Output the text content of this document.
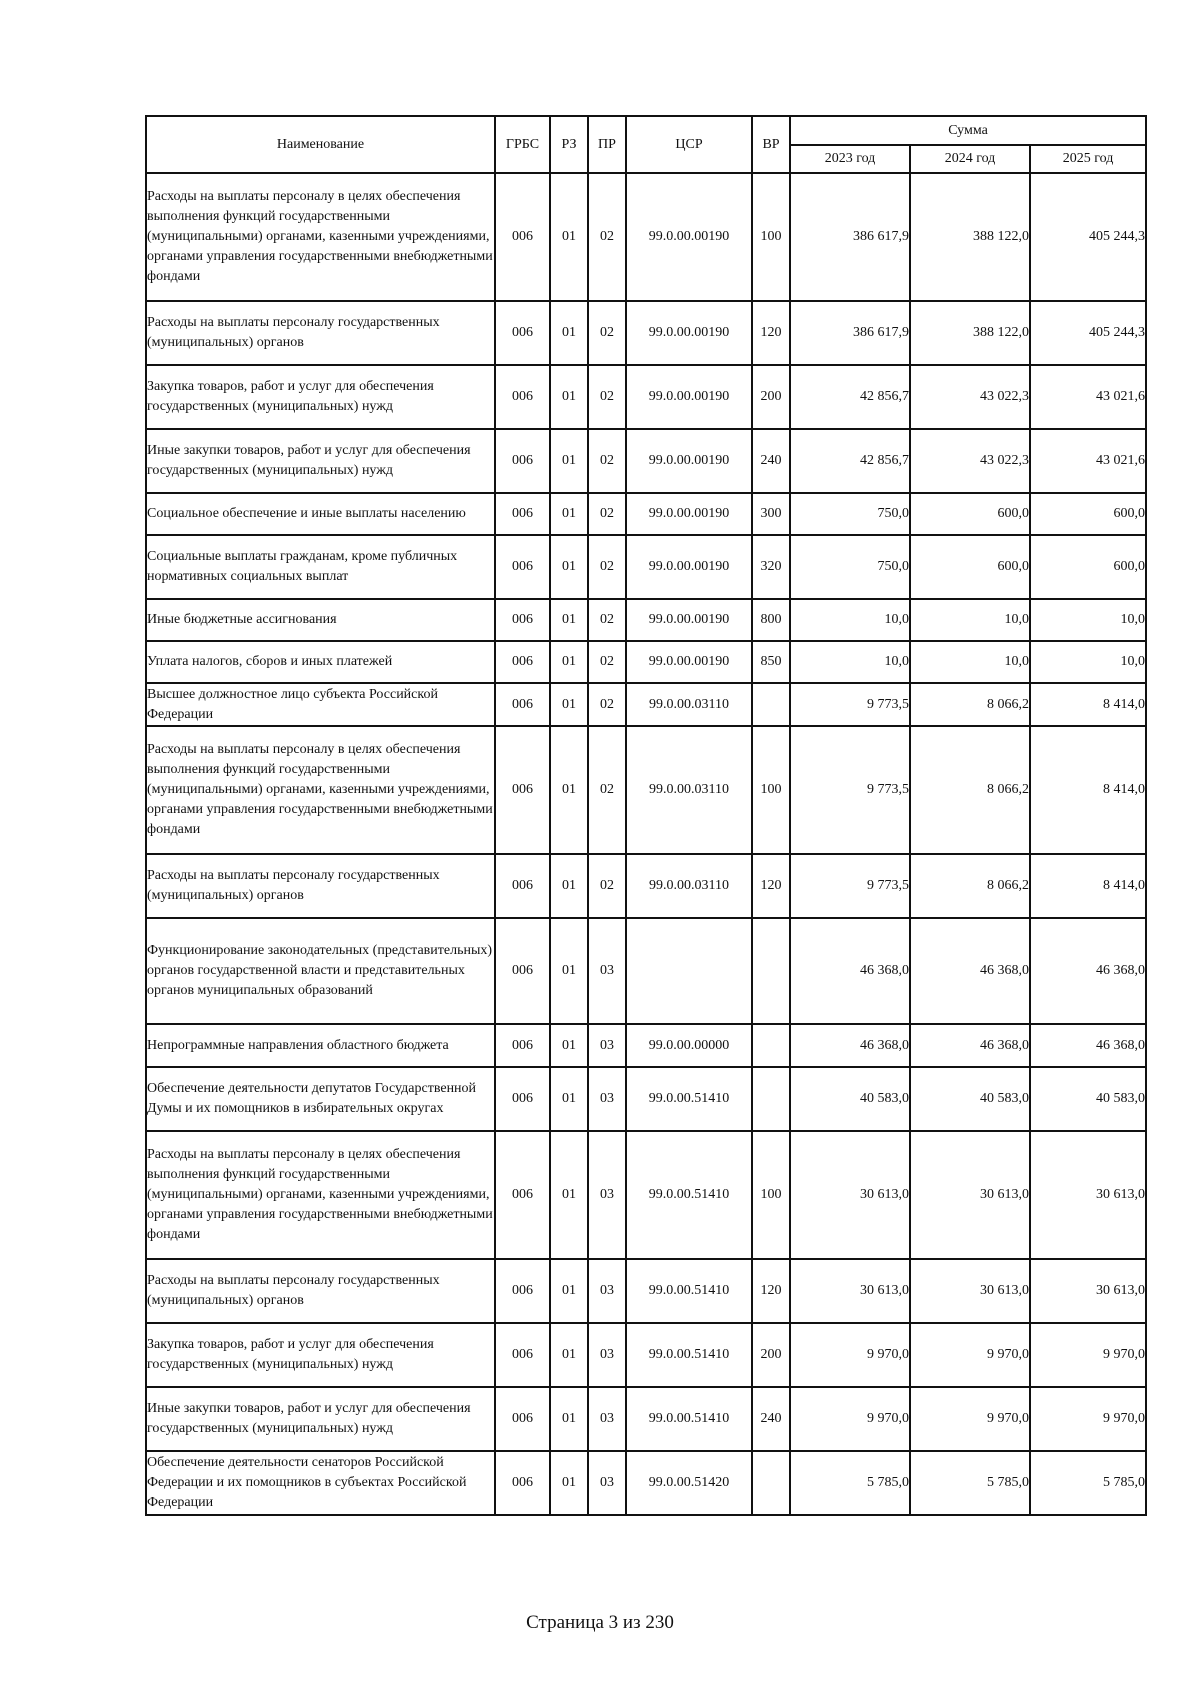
Наименование	ГРБС	РЗ	ПР	ЦСР	ВР	Сумма		
						2023 год	2024 год	2025 год
Расходы на выплаты персоналу в целях обеспечения выполнения функций государственными (муниципальными) органами, казенными учреждениями, органами управления государственными внебюджетными фондами	006	01	02	99.0.00.00190	100	386 617,9	388 122,0	405 244,3
Расходы на выплаты персоналу государственных (муниципальных) органов	006	01	02	99.0.00.00190	120	386 617,9	388 122,0	405 244,3
Закупка товаров, работ и услуг для обеспечения государственных (муниципальных) нужд	006	01	02	99.0.00.00190	200	42 856,7	43 022,3	43 021,6
Иные закупки товаров, работ и услуг для обеспечения государственных (муниципальных) нужд	006	01	02	99.0.00.00190	240	42 856,7	43 022,3	43 021,6
Социальное обеспечение и иные выплаты населению	006	01	02	99.0.00.00190	300	750,0	600,0	600,0
Социальные выплаты гражданам, кроме публичных нормативных социальных выплат	006	01	02	99.0.00.00190	320	750,0	600,0	600,0
Иные бюджетные ассигнования	006	01	02	99.0.00.00190	800	10,0	10,0	10,0
Уплата налогов, сборов и иных платежей	006	01	02	99.0.00.00190	850	10,0	10,0	10,0
Высшее должностное лицо субъекта Российской Федерации	006	01	02	99.0.00.03110		9 773,5	8 066,2	8 414,0
Расходы на выплаты персоналу в целях обеспечения выполнения функций государственными (муниципальными) органами, казенными учреждениями, органами управления государственными внебюджетными фондами	006	01	02	99.0.00.03110	100	9 773,5	8 066,2	8 414,0
Расходы на выплаты персоналу государственных (муниципальных) органов	006	01	02	99.0.00.03110	120	9 773,5	8 066,2	8 414,0
Функционирование законодательных (представительных) органов государственной власти и представительных органов муниципальных образований	006	01	03			46 368,0	46 368,0	46 368,0
Непрограммные направления областного бюджета	006	01	03	99.0.00.00000		46 368,0	46 368,0	46 368,0
Обеспечение деятельности депутатов Государственной Думы и их помощников в избирательных округах	006	01	03	99.0.00.51410		40 583,0	40 583,0	40 583,0
Расходы на выплаты персоналу в целях обеспечения выполнения функций государственными (муниципальными) органами, казенными учреждениями, органами управления государственными внебюджетными фондами	006	01	03	99.0.00.51410	100	30 613,0	30 613,0	30 613,0
Расходы на выплаты персоналу государственных (муниципальных) органов	006	01	03	99.0.00.51410	120	30 613,0	30 613,0	30 613,0
Закупка товаров, работ и услуг для обеспечения государственных (муниципальных) нужд	006	01	03	99.0.00.51410	200	9 970,0	9 970,0	9 970,0
Иные закупки товаров, работ и услуг для обеспечения государственных (муниципальных) нужд	006	01	03	99.0.00.51410	240	9 970,0	9 970,0	9 970,0
Обеспечение деятельности сенаторов Российской Федерации и их помощников в субъектах Российской Федерации	006	01	03	99.0.00.51420		5 785,0	5 785,0	5 785,0
Страница 3 из 230
